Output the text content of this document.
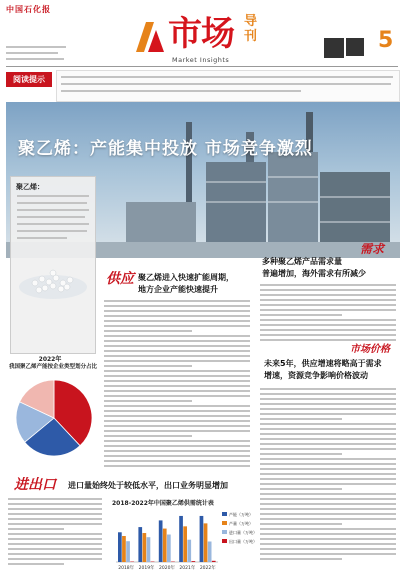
中国石化报
市场 导刊
Market Insights
5
阅读提示
聚乙烯：产能集中投放 市场竞争激烈
聚乙烯：
2022年
我国聚乙烯产能按企业类型划分占比
供应 聚乙烯进入快速扩能周期，
地方企业产能快速提升
需求
多种聚乙烯产品需求量
普遍增加，海外需求有所减少
市场价格
未来5年，供应增速将略高于需求
增速，资源竞争影响价格波动
进出口 进口量始终处于较低水平，出口业务明显增加
2018-2022年中国聚乙烯供需统计表
2018年 2019年 2020年 2021年 2022年
产能（万吨）
产量（万吨）
进口量（万吨）
出口量（万吨）
